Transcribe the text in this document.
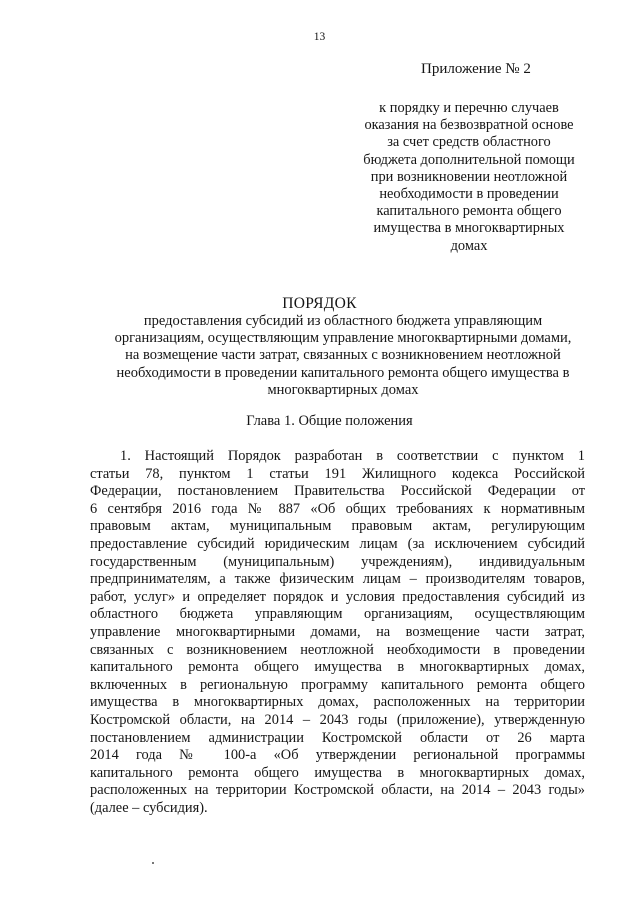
13
Приложение № 2
к порядку и перечню случаев
оказания на безвозвратной основе
за счет средств областного
бюджета дополнительной помощи
при возникновении неотложной
необходимости в проведении
капитального ремонта общего
имущества в многоквартирных
домах
ПОРЯДОК
предоставления субсидий из областного бюджета управляющим
организациям, осуществляющим управление многоквартирными домами,
на возмещение части затрат, связанных с возникновением неотложной
необходимости в проведении капитального ремонта общего имущества в
многоквартирных домах
Глава 1. Общие положения
1. Настоящий Порядок разработан в соответствии с пунктом 1
статьи 78, пунктом 1 статьи 191 Жилищного кодекса Российской
Федерации, постановлением Правительства Российской Федерации от
6 сентября 2016 года № 887 «Об общих требованиях к нормативным
правовым актам, муниципальным правовым актам, регулирующим
предоставление субсидий юридическим лицам (за исключением субсидий
государственным (муниципальным) учреждениям), индивидуальным
предпринимателям, а также физическим лицам – производителям товаров,
работ, услуг» и определяет порядок и условия предоставления субсидий из
областного бюджета управляющим организациям, осуществляющим
управление многоквартирными домами, на возмещение части затрат,
связанных с возникновением неотложной необходимости в проведении
капитального ремонта общего имущества в многоквартирных домах,
включенных в региональную программу капитального ремонта общего
имущества в многоквартирных домах, расположенных на территории
Костромской области, на 2014 – 2043 годы (приложение), утвержденную
постановлением администрации Костромской области от 26 марта
2014 года № 100-а «Об утверждении региональной программы
капитального ремонта общего имущества в многоквартирных домах,
расположенных на территории Костромской области, на 2014 – 2043 годы»
(далее – субсидия).
